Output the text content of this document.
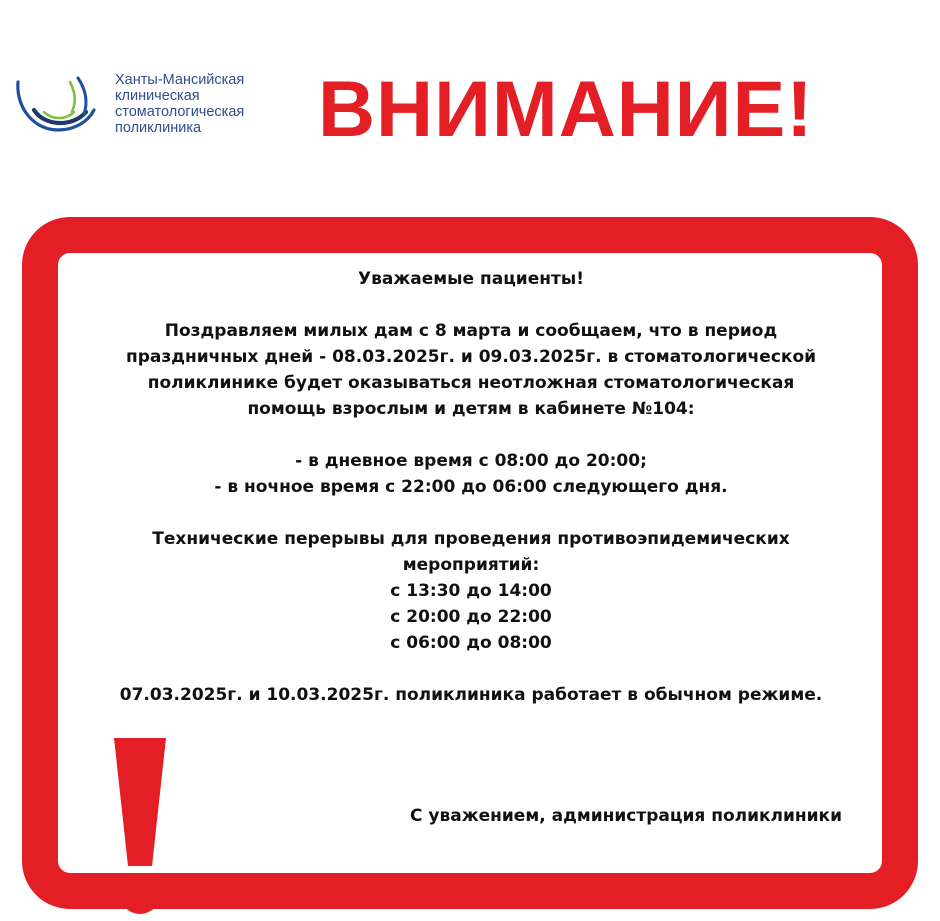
Ханты-Мансийская
клиническая
стоматологическая
поликлиника	ВНИМАНИЕ!

Уважаемые пациенты!

Поздравляем милых дам с 8 марта и сообщаем, что в период
праздничных дней - 08.03.2025г. и 09.03.2025г. в стоматологической
поликлинике будет оказываться неотложная стоматологическая
помощь взрослым и детям в кабинете №104:
- в дневное время с 08:00 до 20:00;
- в ночное время с 22:00 до 06:00 следующего дня.
Технические перерывы для проведения противоэпидемических
мероприятий:
с 13:30 до 14:00
с 20:00 до 22:00
с 06:00 до 08:00

07.03.2025г. и 10.03.2025г. поликлиника работает в обычном режиме.

С уважением, администрация поликлиники
